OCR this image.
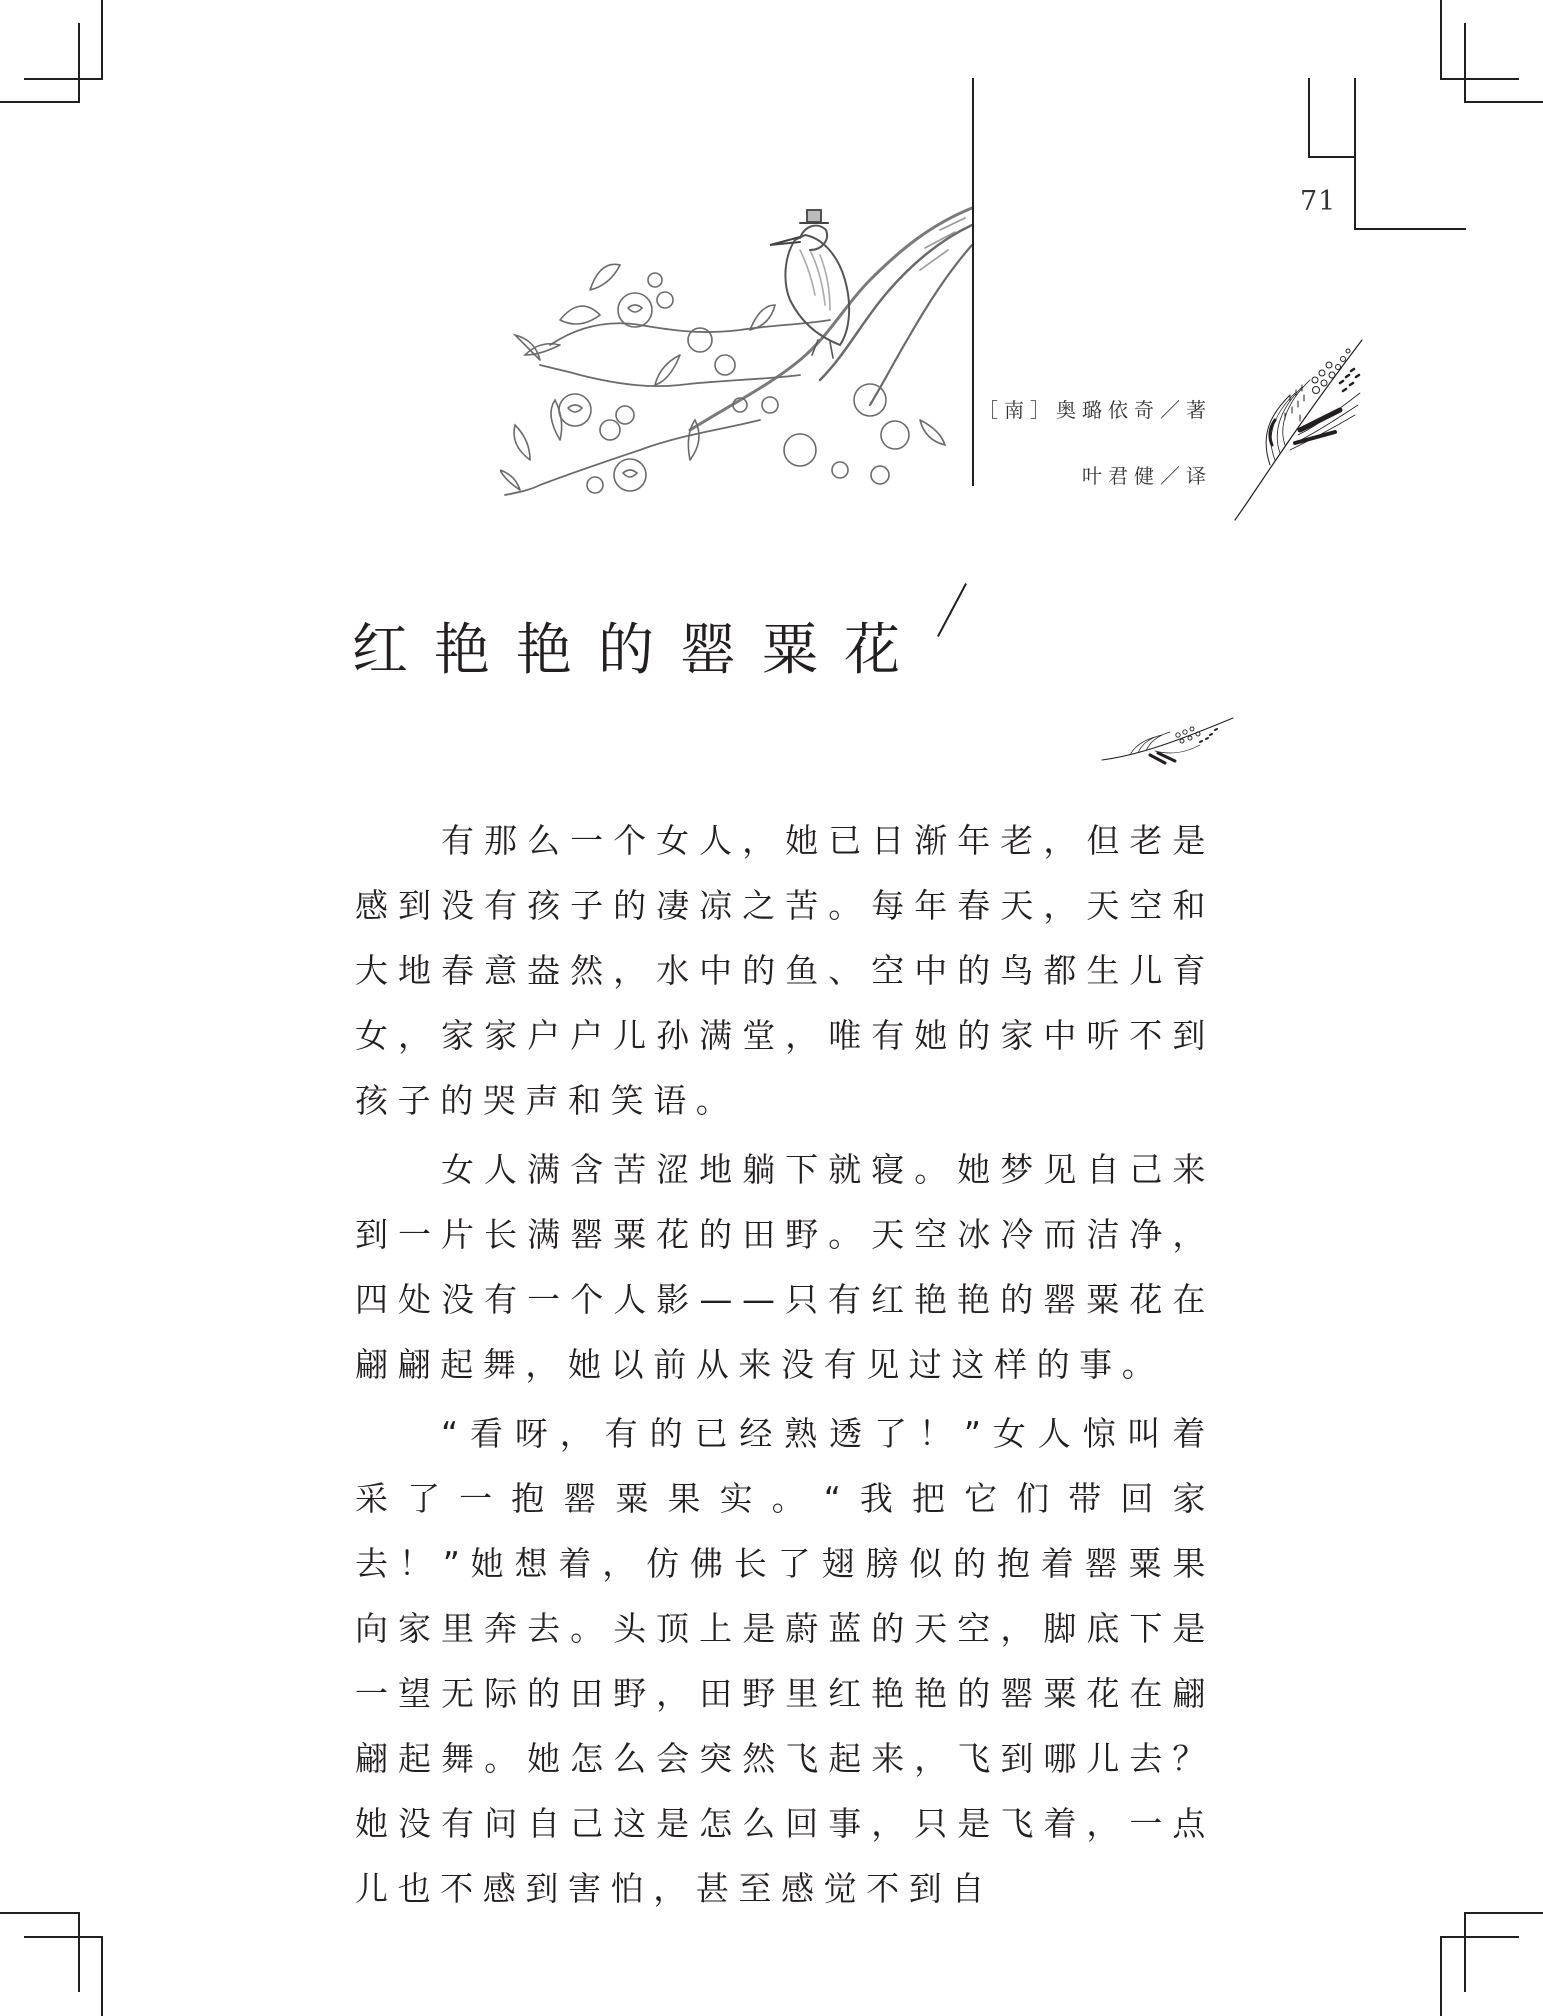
71
［南］奥璐依奇／著
叶君健／译
红艳艳的罂粟花

有那么一个女人，她已日渐年老，但老是感到没有孩子的凄凉之苦。每年春天，天空和大地春意盎然，水中的鱼、空中的鸟都生儿育女，家家户户儿孙满堂，唯有她的家中听不到孩子的哭声和笑语。

女人满含苦涩地躺下就寝。她梦见自己来到一片长满罂粟花的田野。天空冰冷而洁净，四处没有一个人影——只有红艳艳的罂粟花在翩翩起舞，她以前从来没有见过这样的事。

“看呀，有的已经熟透了！”女人惊叫着采了一抱罂粟果实。“我把它们带回家去！”她想着，仿佛长了翅膀似的抱着罂粟果向家里奔去。头顶上是蔚蓝的天空，脚底下是一望无际的田野，田野里红艳艳的罂粟花在翩翩起舞。她怎么会突然飞起来，飞到哪儿去？她没有问自己这是怎么回事，只是飞着，一点儿也不感到害怕，甚至感觉不到自
